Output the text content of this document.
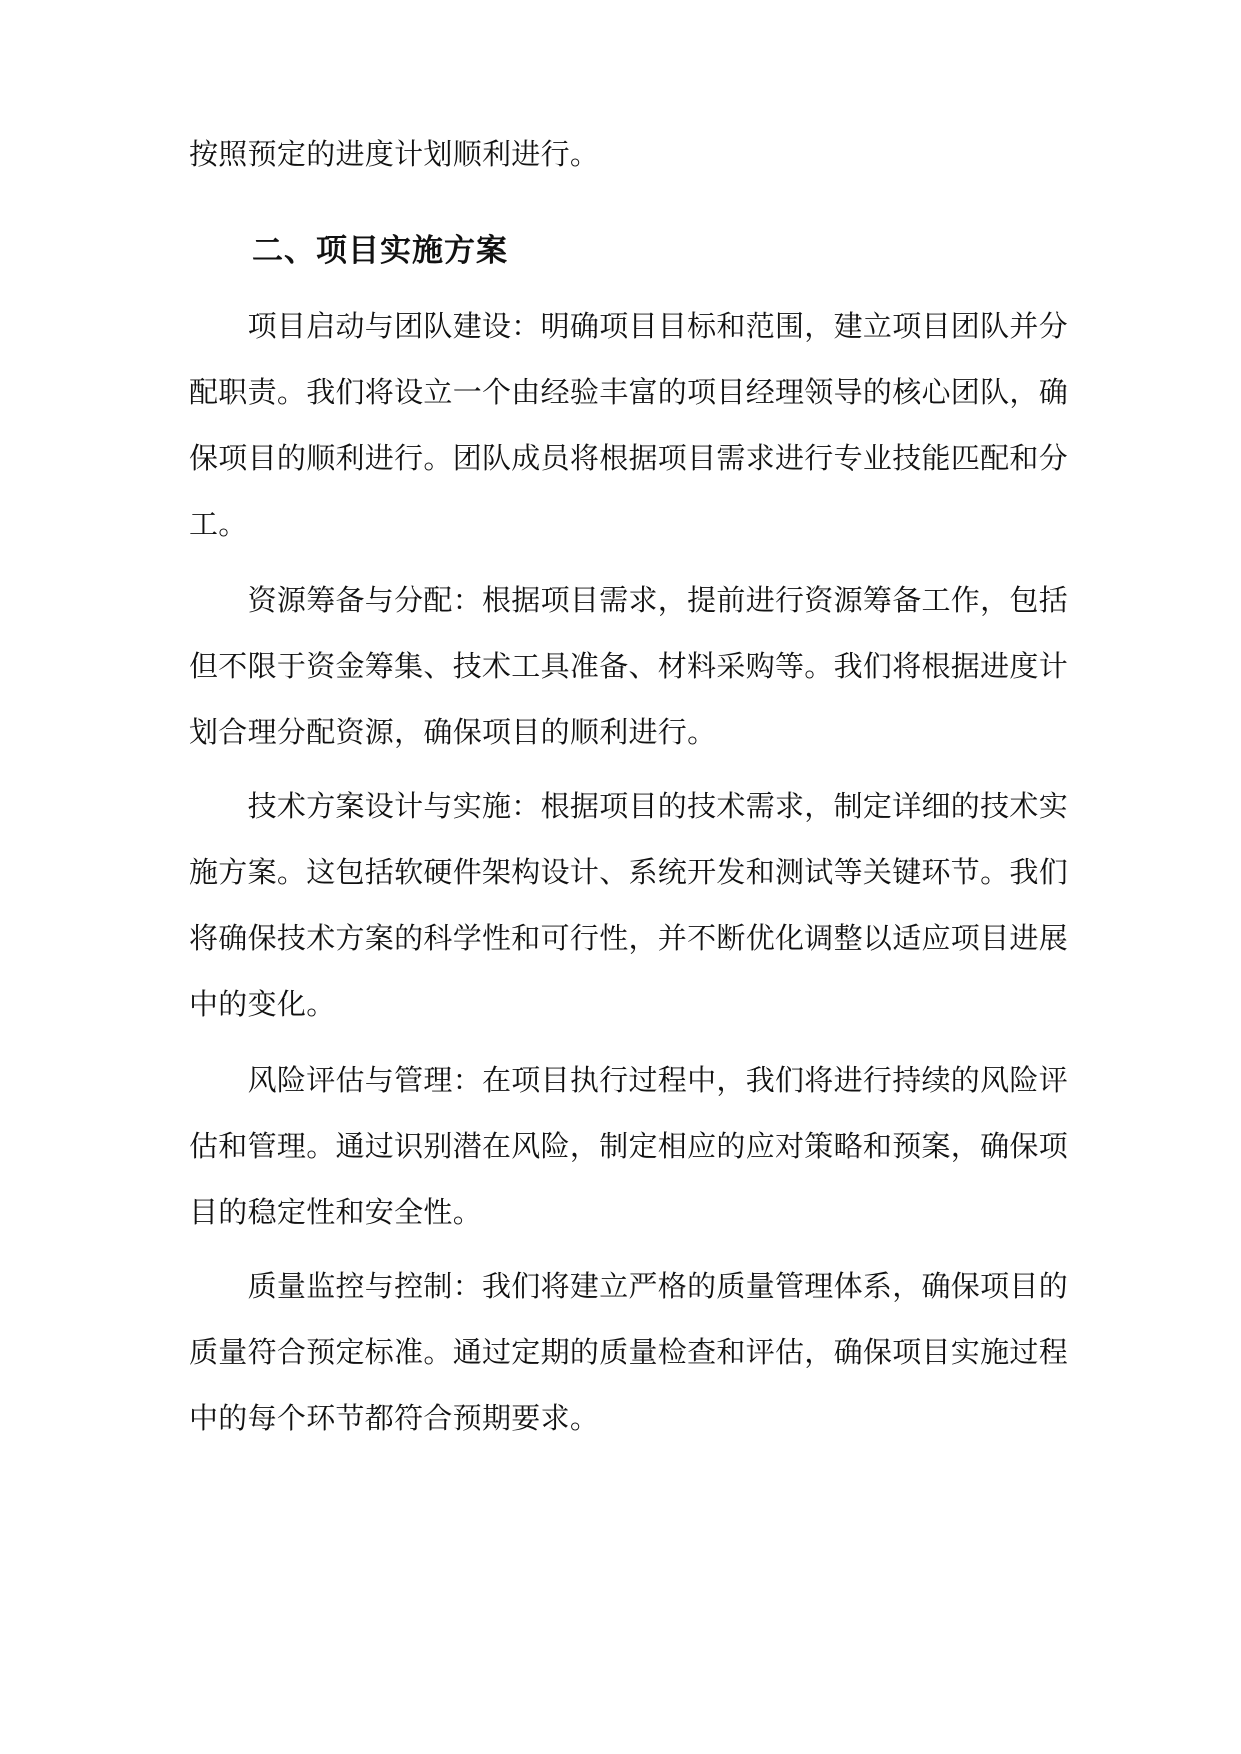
按照预定的进度计划顺利进行。
二、项目实施方案
　　项目启动与团队建设：明确项目目标和范围，建立项目团队并分
配职责。我们将设立一个由经验丰富的项目经理领导的核心团队，确
保项目的顺利进行。团队成员将根据项目需求进行专业技能匹配和分
工。
　　资源筹备与分配：根据项目需求，提前进行资源筹备工作，包括
但不限于资金筹集、技术工具准备、材料采购等。我们将根据进度计
划合理分配资源，确保项目的顺利进行。
　　技术方案设计与实施：根据项目的技术需求，制定详细的技术实
施方案。这包括软硬件架构设计、系统开发和测试等关键环节。我们
将确保技术方案的科学性和可行性，并不断优化调整以适应项目进展
中的变化。
　　风险评估与管理：在项目执行过程中，我们将进行持续的风险评
估和管理。通过识别潜在风险，制定相应的应对策略和预案，确保项
目的稳定性和安全性。
　　质量监控与控制：我们将建立严格的质量管理体系，确保项目的
质量符合预定标准。通过定期的质量检查和评估，确保项目实施过程
中的每个环节都符合预期要求。
